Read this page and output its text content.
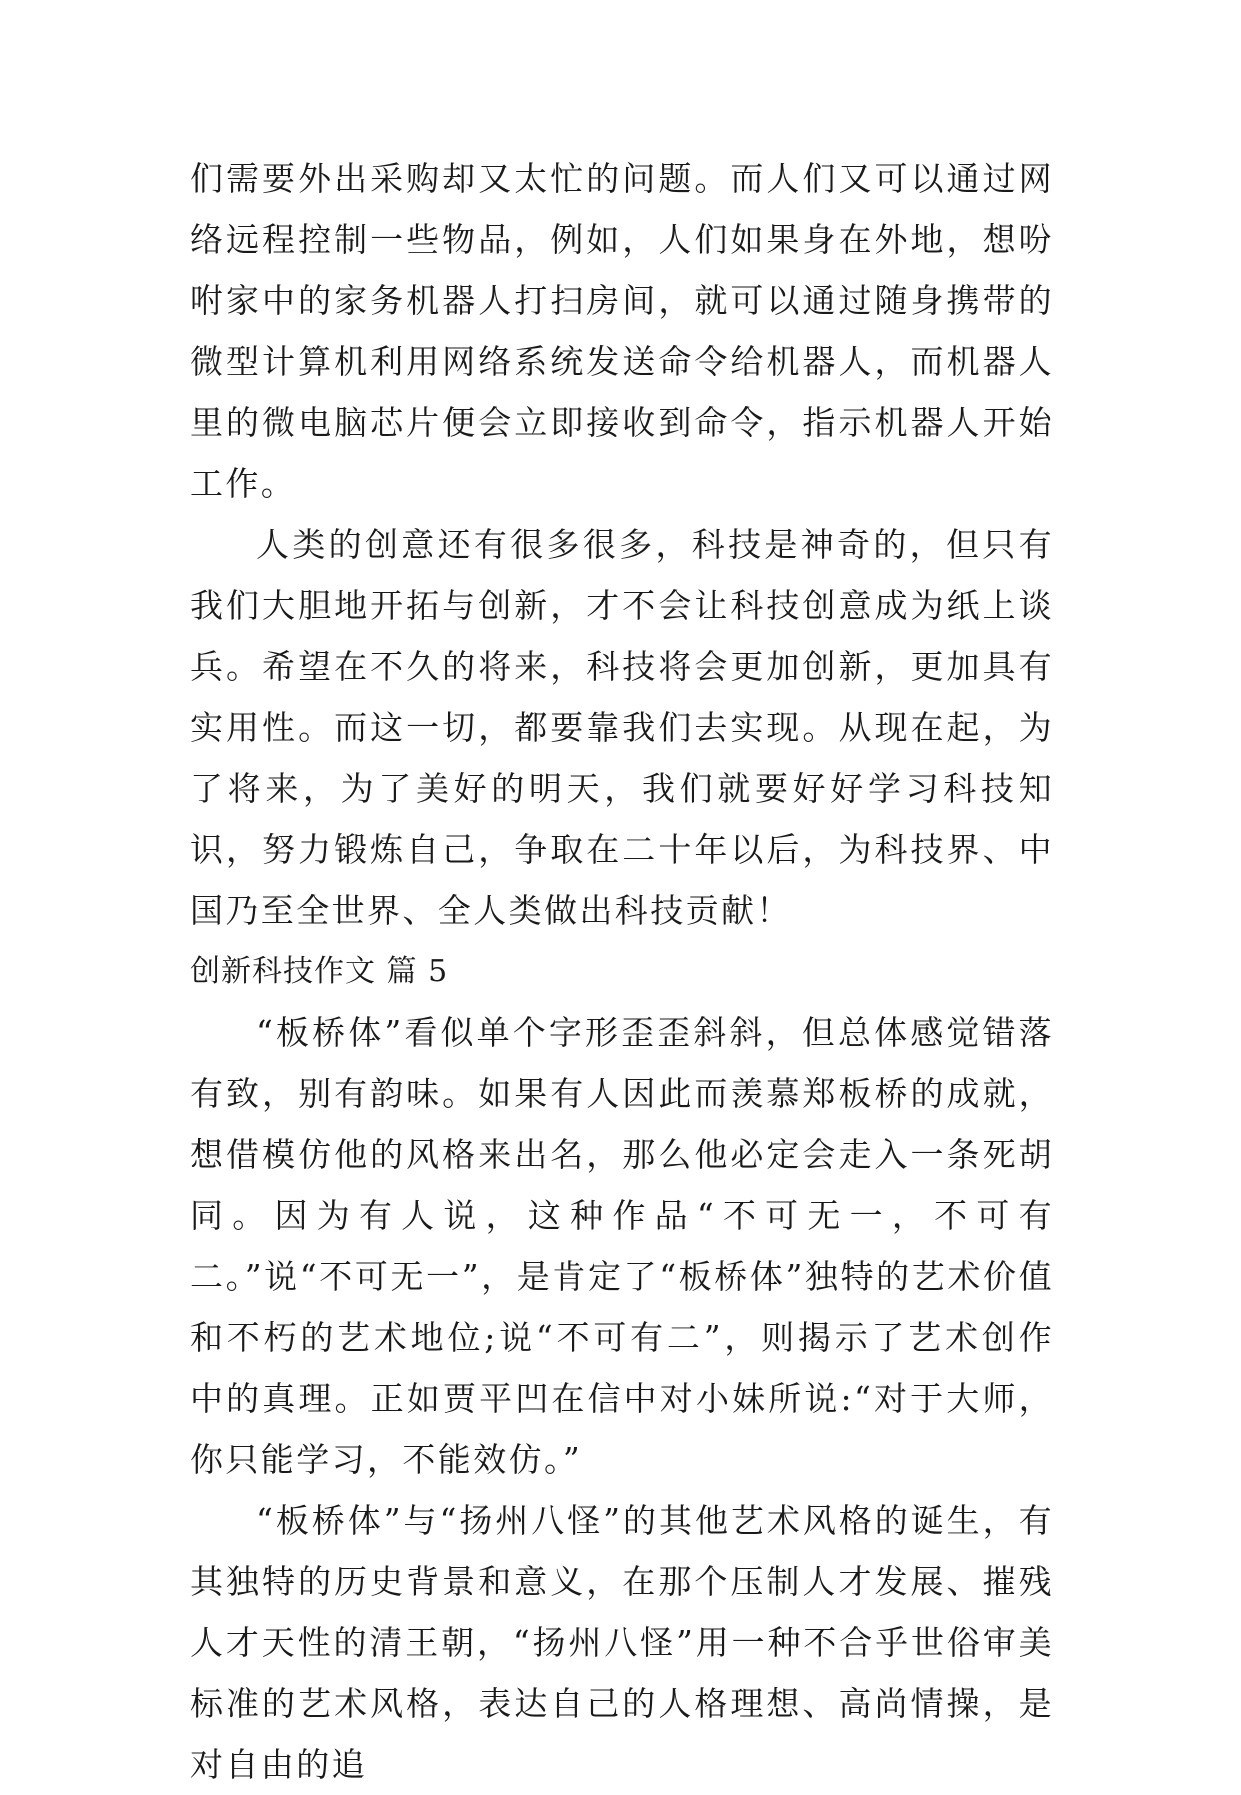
们需要外出采购却又太忙的问题。而人们又可以通过网络远程控制一些物品，例如，人们如果身在外地，想吩咐家中的家务机器人打扫房间，就可以通过随身携带的微型计算机利用网络系统发送命令给机器人，而机器人里的微电脑芯片便会立即接收到命令，指示机器人开始工作。

人类的创意还有很多很多，科技是神奇的，但只有我们大胆地开拓与创新，才不会让科技创意成为纸上谈兵。希望在不久的将来，科技将会更加创新，更加具有实用性。而这一切，都要靠我们去实现。从现在起，为了将来，为了美好的明天，我们就要好好学习科技知识，努力锻炼自己，争取在二十年以后，为科技界、中国乃至全世界、全人类做出科技贡献！

创新科技作文 篇 5

“板桥体”看似单个字形歪歪斜斜，但总体感觉错落有致，别有韵味。如果有人因此而羡慕郑板桥的成就，想借模仿他的风格来出名，那么他必定会走入一条死胡同。因为有人说，这种作品“不可无一，不可有二。”说“不可无一”，是肯定了“板桥体”独特的艺术价值和不朽的艺术地位;说“不可有二”，则揭示了艺术创作中的真理。正如贾平凹在信中对小妹所说:“对于大师，你只能学习，不能效仿。”

“板桥体”与“扬州八怪”的其他艺术风格的诞生，有其独特的历史背景和意义，在那个压制人才发展、摧残人才天性的清王朝，“扬州八怪”用一种不合乎世俗审美标准的艺术风格，表达自己的人格理想、高尚情操，是对自由的追
